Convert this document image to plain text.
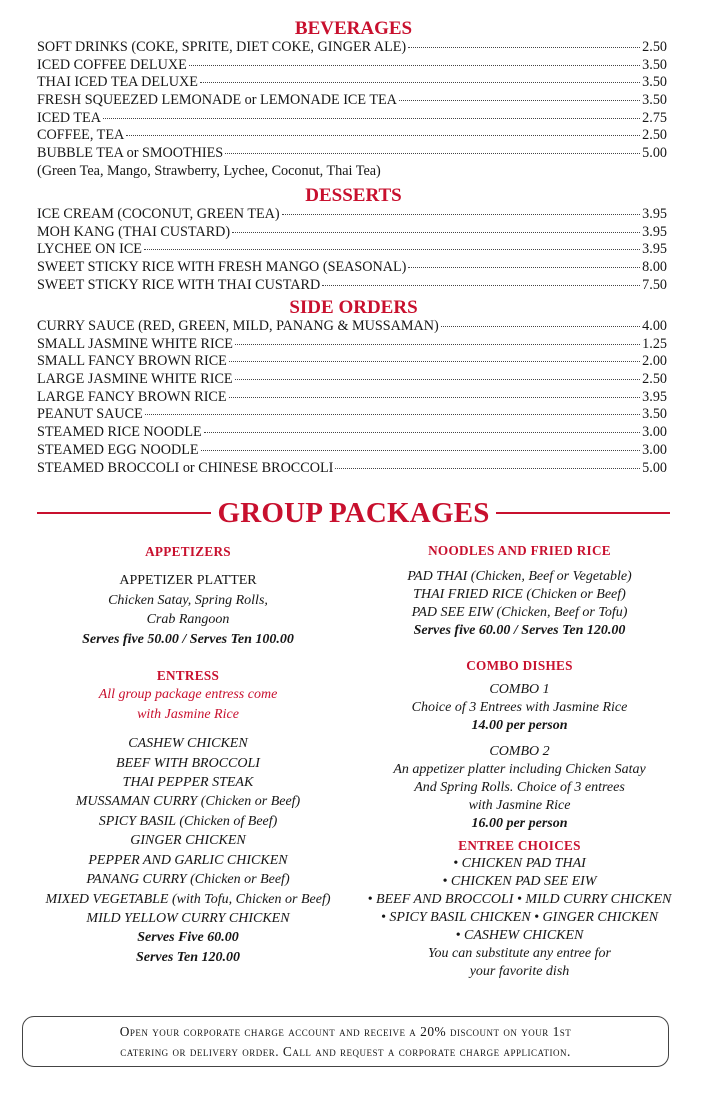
BEVERAGES
SOFT DRINKS (COKE, SPRITE, DIET COKE, GINGER ALE)	2.50
ICED COFFEE DELUXE	3.50
THAI ICED TEA DELUXE	3.50
FRESH SQUEEZED LEMONADE or LEMONADE ICE TEA	3.50
ICED TEA	2.75
COFFEE, TEA	2.50
BUBBLE TEA or SMOOTHIES	5.00
(Green Tea, Mango, Strawberry, Lychee, Coconut, Thai Tea)
DESSERTS
ICE CREAM (COCONUT, GREEN TEA)	3.95
MOH KANG (THAI CUSTARD)	3.95
LYCHEE ON ICE	3.95
SWEET STICKY RICE WITH FRESH MANGO (SEASONAL)	8.00
SWEET STICKY RICE WITH THAI CUSTARD	7.50
SIDE ORDERS
CURRY SAUCE (RED, GREEN, MILD, PANANG & MUSSAMAN)	4.00
SMALL JASMINE WHITE RICE	1.25
SMALL FANCY BROWN RICE	2.00
LARGE JASMINE WHITE RICE	2.50
LARGE FANCY BROWN RICE	3.95
PEANUT SAUCE	3.50
STEAMED RICE NOODLE	3.00
STEAMED EGG NOODLE	3.00
STEAMED BROCCOLI or CHINESE BROCCOLI	5.00
GROUP PACKAGES
APPETIZERS
APPETIZER PLATTER
Chicken Satay, Spring Rolls,
Crab Rangoon
Serves five 50.00 / Serves Ten 100.00
ENTRESS
All group package entress come
with Jasmine Rice
CASHEW CHICKEN
BEEF WITH BROCCOLI
THAI PEPPER STEAK
MUSSAMAN CURRY (Chicken or Beef)
SPICY BASIL (Chicken of Beef)
GINGER CHICKEN
PEPPER AND GARLIC CHICKEN
PANANG CURRY (Chicken or Beef)
MIXED VEGETABLE (with Tofu, Chicken or Beef)
MILD YELLOW CURRY CHICKEN
Serves Five 60.00
Serves Ten 120.00
NOODLES AND FRIED RICE
PAD THAI (Chicken, Beef or Vegetable)
THAI FRIED RICE (Chicken or Beef)
PAD SEE EIW (Chicken, Beef or Tofu)
Serves five 60.00 / Serves Ten 120.00
COMBO DISHES
COMBO 1
Choice of 3 Entrees with Jasmine Rice
14.00 per person
COMBO 2
An appetizer platter including Chicken Satay
And Spring Rolls. Choice of 3 entrees
with Jasmine Rice
16.00 per person
ENTREE CHOICES
• CHICKEN PAD THAI
• CHICKEN PAD SEE EIW
• BEEF AND BROCCOLI • MILD CURRY CHICKEN
• SPICY BASIL CHICKEN • GINGER CHICKEN
• CASHEW CHICKEN
You can substitute any entree for
your favorite dish
Open your corporate charge account and receive a 20% discount on your 1st
catering or delivery order. Call and request a corporate charge application.
